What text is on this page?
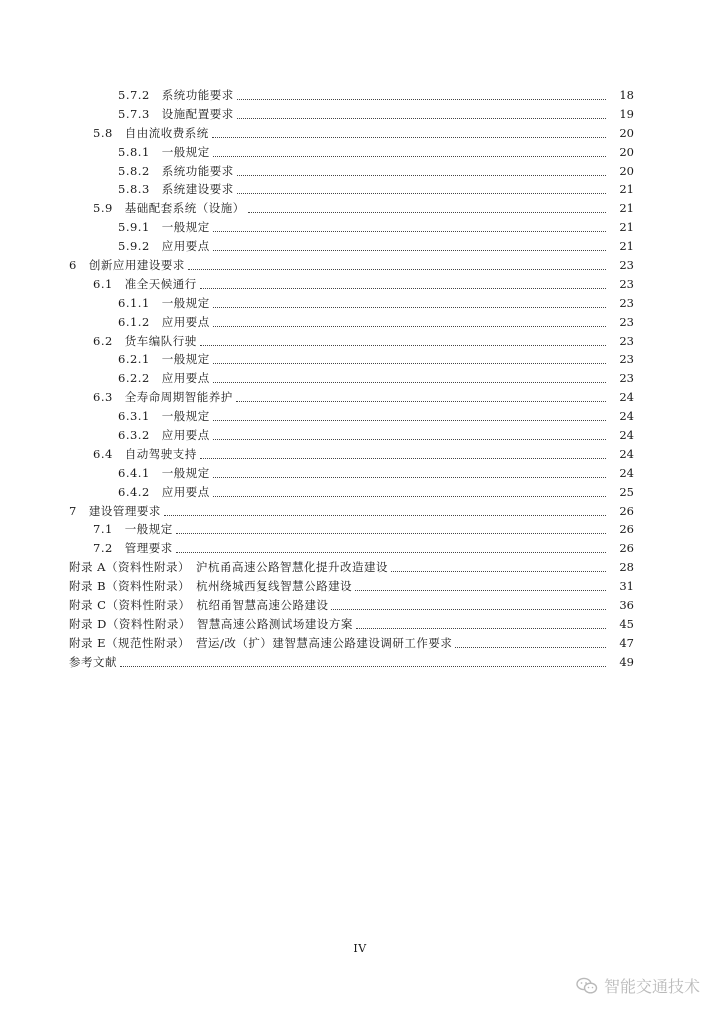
5.7.2	系统功能要求	18
5.7.3	设施配置要求	19
5.8	自由流收费系统	20
5.8.1	一般规定	20
5.8.2	系统功能要求	20
5.8.3	系统建设要求	21
5.9	基础配套系统（设施）	21
5.9.1	一般规定	21
5.9.2	应用要点	21
6	创新应用建设要求	23
6.1	准全天候通行	23
6.1.1	一般规定	23
6.1.2	应用要点	23
6.2	货车编队行驶	23
6.2.1	一般规定	23
6.2.2	应用要点	23
6.3	全寿命周期智能养护	24
6.3.1	一般规定	24
6.3.2	应用要点	24
6.4	自动驾驶支持	24
6.4.1	一般规定	24
6.4.2	应用要点	25
7	建设管理要求	26
7.1	一般规定	26
7.2	管理要求	26
附录 A（资料性附录） 沪杭甬高速公路智慧化提升改造建设	28
附录 B（资料性附录） 杭州绕城西复线智慧公路建设	31
附录 C（资料性附录） 杭绍甬智慧高速公路建设	36
附录 D（资料性附录） 智慧高速公路测试场建设方案	45
附录 E（规范性附录） 营运/改（扩）建智慧高速公路建设调研工作要求	47
参考文献	49
IV
智能交通技术
